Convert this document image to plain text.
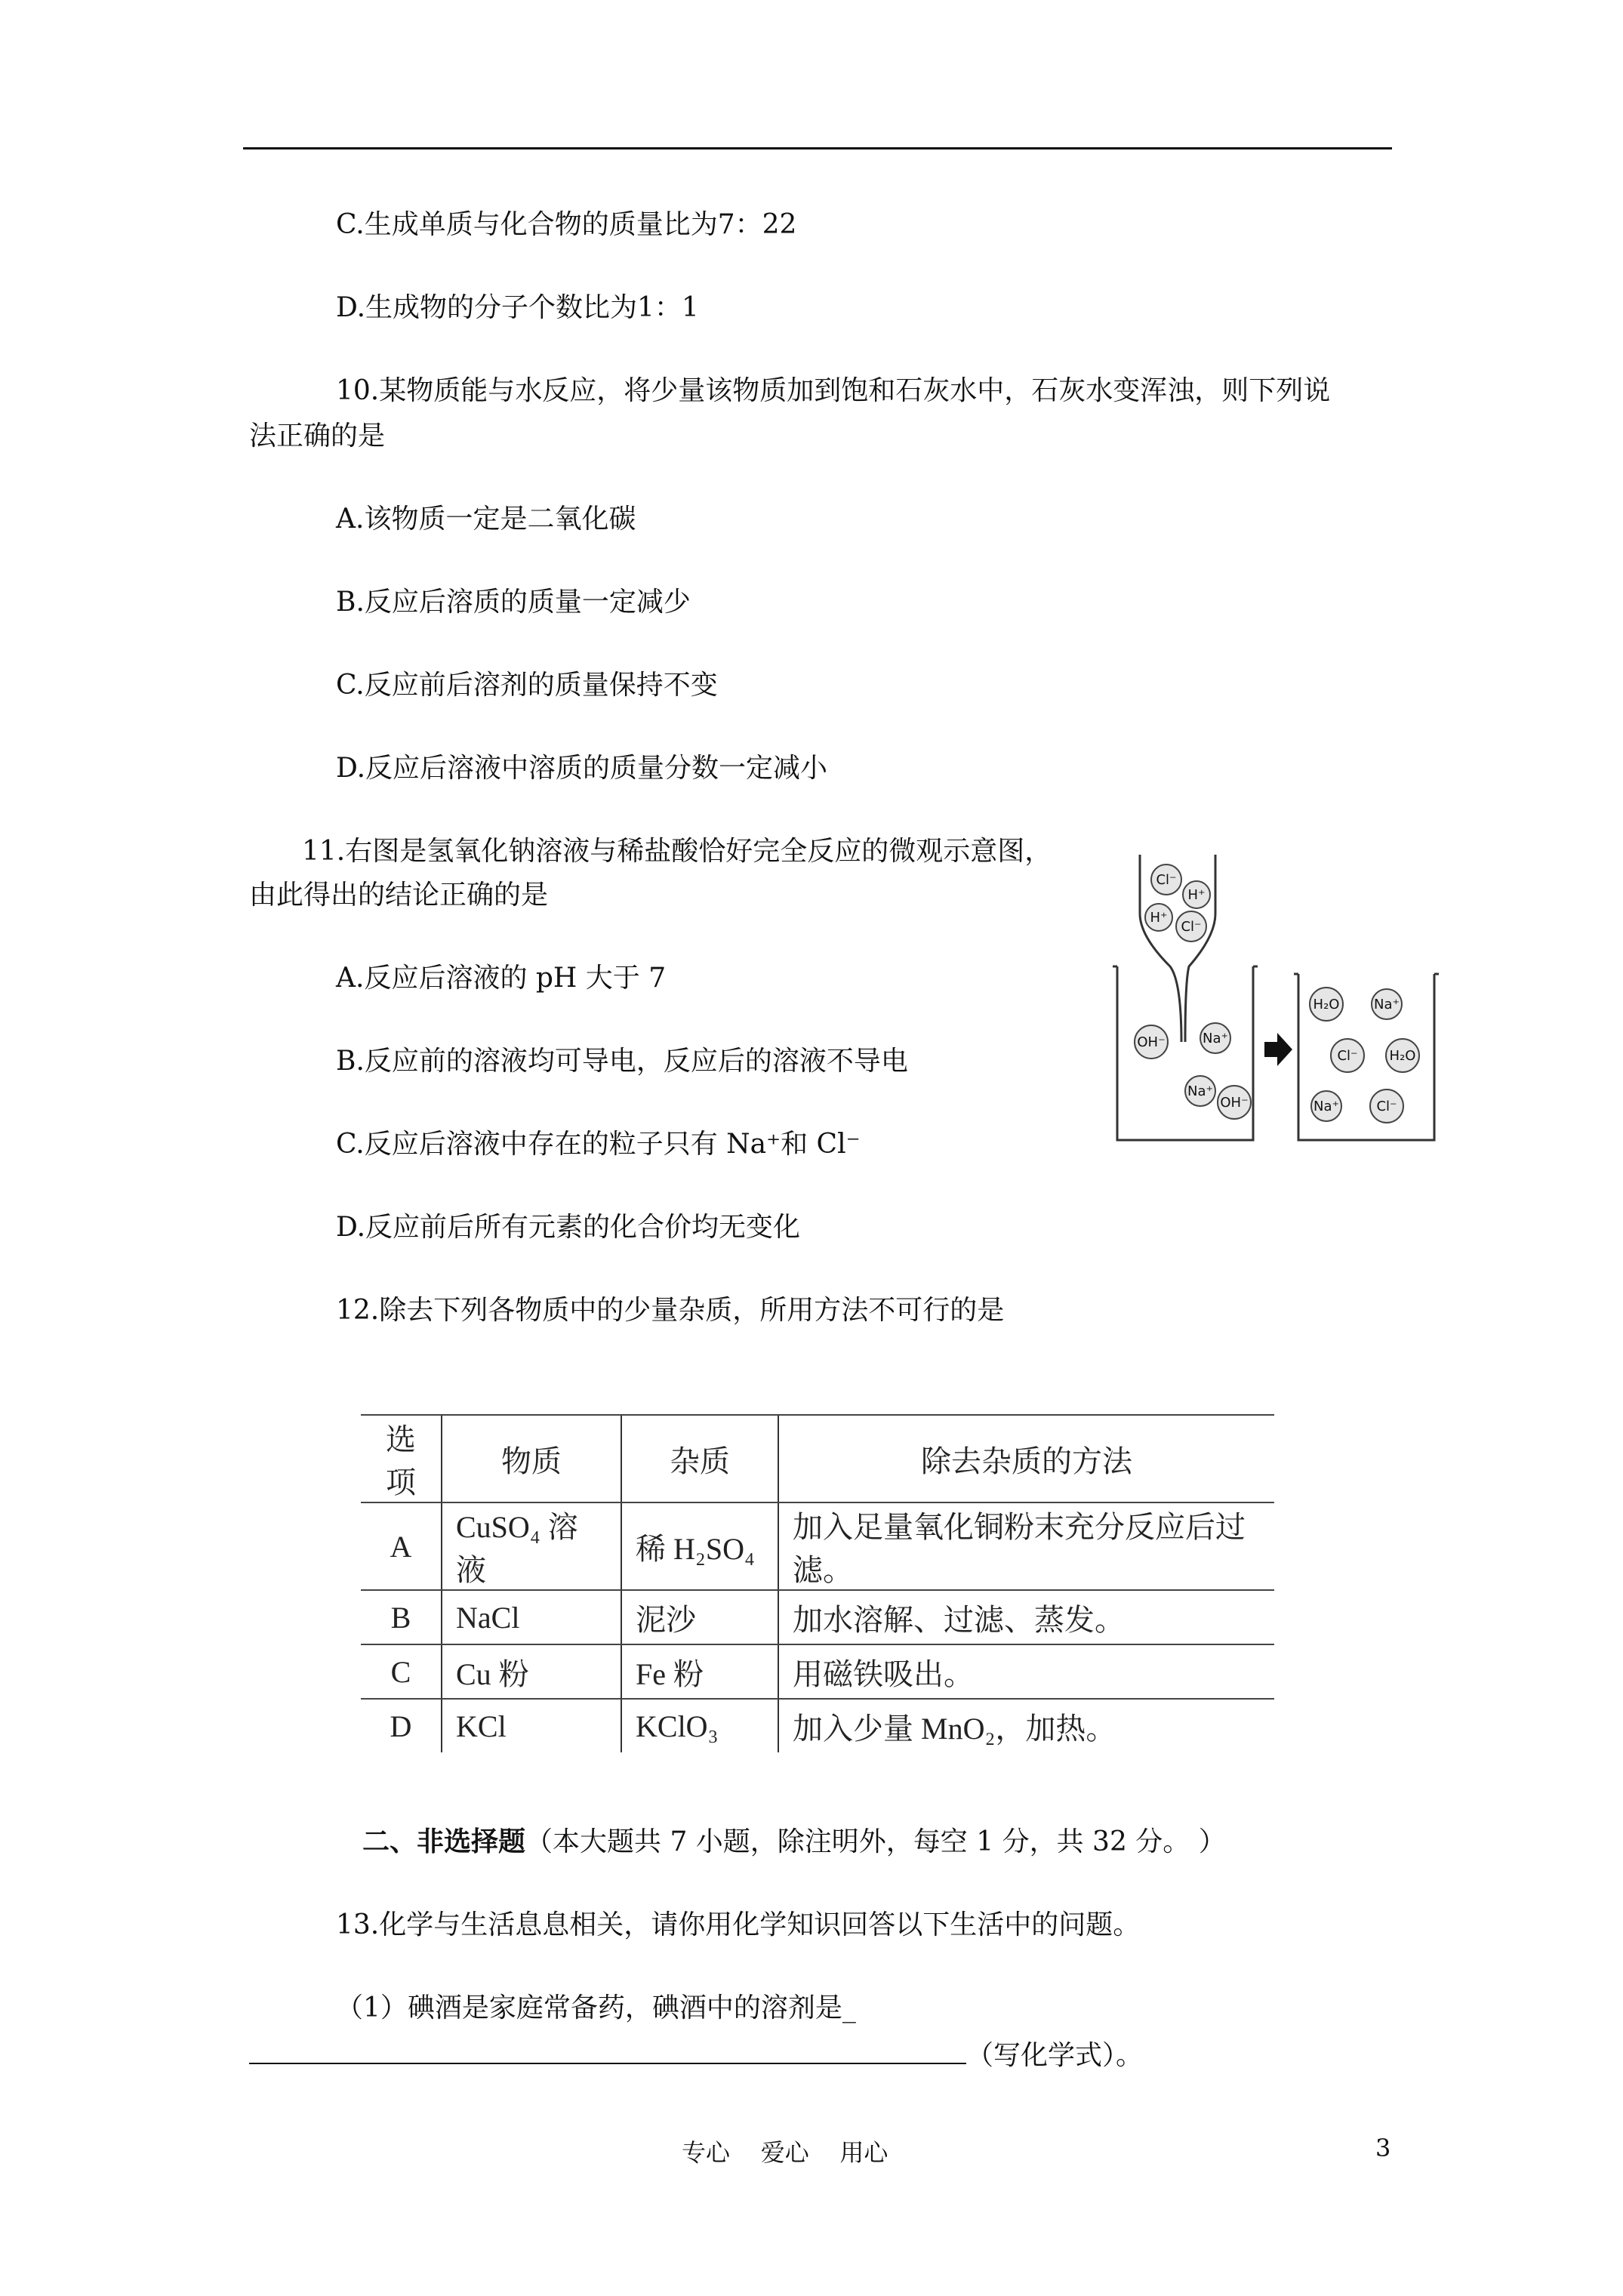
C.生成单质与化合物的质量比为7：22
D.生成物的分子个数比为1：1
10.某物质能与水反应，将少量该物质加到饱和石灰水中，石灰水变浑浊，则下列说
法正确的是
A.该物质一定是二氧化碳
B.反应后溶质的质量一定减少
C.反应前后溶剂的质量保持不变
D.反应后溶液中溶质的质量分数一定减小
11.右图是氢氧化钠溶液与稀盐酸恰好完全反应的微观示意图，
由此得出的结论正确的是
A.反应后溶液的 pH 大于 7
B.反应前的溶液均可导电，反应后的溶液不导电
C.反应后溶液中存在的粒子只有 Na⁺和 Cl⁻
D.反应前后所有元素的化合价均无变化
Cl⁻
H⁺
H⁺
Cl⁻
OH⁻	Na⁺
Na⁺
OH⁻
H₂O	Na⁺
Cl⁻ H₂O
Na⁺	Cl⁻
12.除去下列各物质中的少量杂质，所用方法不可行的是
选项	物质	杂质	除去杂质的方法
A	CuSO₄ 溶液	稀 H₂SO₄	加入足量氧化铜粉末充分反应后过滤。
B	NaCl	泥沙	加水溶解、过滤、蒸发。
C	Cu 粉	Fe 粉	用磁铁吸出。
D	KCl	KClO₃	加入少量 MnO₂，加热。
二、非选择题（本大题共 7 小题，除注明外，每空 1 分，共 32 分。 ）
13.化学与生活息息相关，请你用化学知识回答以下生活中的问题。
（1）碘酒是家庭常备药，碘酒中的溶剂是_
（写化学式）。
专心    爱心    用心	3
